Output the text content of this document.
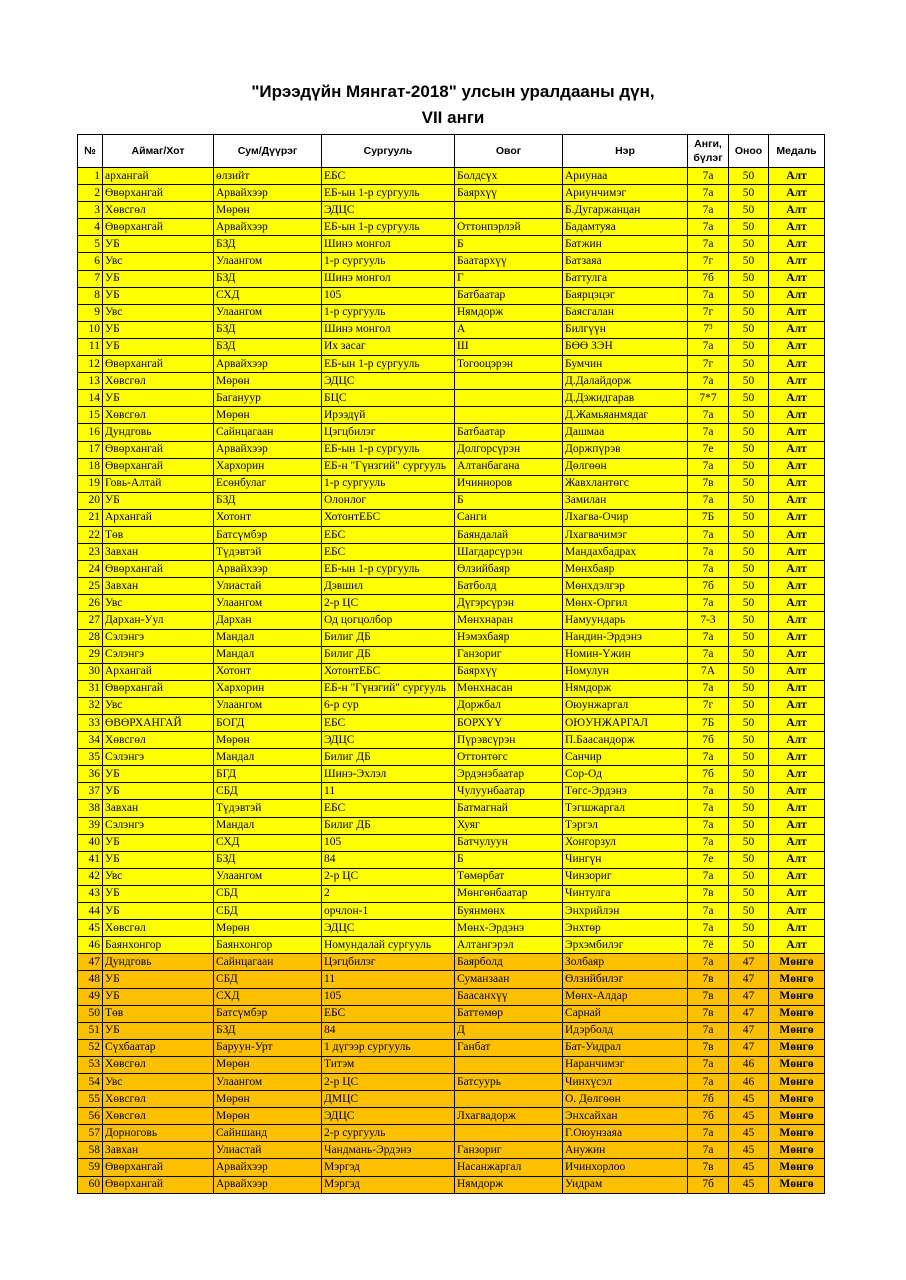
"Ирээдүйн Мянгат-2018" улсын уралдааны дүн,
VII анги
№	Аймаг/Хот	Сум/Дүүрэг	Сургууль	Овог	Нэр	Анги, бүлэг	Оноо	Медаль
1	архангай	өлзийт	ЕБС	Болдсүх	Ариунаа	7а	50	Алт
2	Өвөрхангай	Арвайхээр	ЕБ-ын 1-р сургууль	Баярхүү	Ариунчимэг	7а	50	Алт
3	Хөвсгөл	Мөрөн	ЭДЦС		Б.Дугаржанцан	7а	50	Алт
4	Өвөрхангай	Арвайхээр	ЕБ-ын 1-р сургууль	Оттонпэрлэй	Бадамтуяа	7а	50	Алт
5	УБ	БЗД	Шинэ монгол	Б	Батжин	7а	50	Алт
6	Увс	Улаангом	1-р сургууль	Баатархүү	Батзаяа	7г	50	Алт
7	УБ	БЗД	Шинэ монгол	Г	Баттулга	7б	50	Алт
8	УБ	СХД	105	Батбаатар	Баярцэцэг	7а	50	Алт
9	Увс	Улаангом	1-р сургууль	Нямдорж	Баясгалан	7г	50	Алт
10	УБ	БЗД	Шинэ монгол	А	Билгүүн	7³	50	Алт
11	УБ	БЗД	Их засаг	Ш	БӨӨ ЗЭН	7а	50	Алт
12	Өвөрхангай	Арвайхээр	ЕБ-ын 1-р сургууль	Тогооцэрэн	Бумчин	7г	50	Алт
13	Хөвсгөл	Мөрөн	ЭДЦС		Д.Далайдорж	7а	50	Алт
14	УБ	Багануур	БЦС		Д.Дэжидгарав	7*7	50	Алт
15	Хөвсгөл	Мөрөн	Ирээдүй		Д.Жамьяанмядаг	7а	50	Алт
16	Дундговь	Сайнцагаан	Цэгцбилэг	Батбаатар	Дашмаа	7а	50	Алт
17	Өвөрхангай	Арвайхээр	ЕБ-ын 1-р сургууль	Долгорсүрэн	Доржпүрэв	7е	50	Алт
18	Өвөрхангай	Хархорин	ЕБ-н "Гүнзгий" сургууль	Алтанбагана	Дөлгөөн	7а	50	Алт
19	Говь-Алтай	Есөнбулаг	1-р сургууль	Ичинноров	Жавхлантөгс	7в	50	Алт
20	УБ	БЗД	Олонлог	Б	Замилан	7а	50	Алт
21	Архангай	Хотонт	ХотонтЕБС	Санги	Лхагва-Очир	7Б	50	Алт
22	Төв	Батсүмбэр	ЕБС	Баяндалай	Лхагвачимэг	7а	50	Алт
23	Завхан	Түдэвтэй	ЕБС	Шагдарсүрэн	Мандахбадрах	7а	50	Алт
24	Өвөрхангай	Арвайхээр	ЕБ-ын 1-р сургууль	Өлзийбаяр	Мөнхбаяр	7а	50	Алт
25	Завхан	Улиастай	Дэвшил	Батболд	Мөнхдэлгэр	7б	50	Алт
26	Увс	Улаангом	2-р ЦС	Дүгэрсүрэн	Мөнх-Оргил	7а	50	Алт
27	Дархан-Уул	Дархан	Од цогцолбор	Мөнхнаран	Намуундарь	7-3	50	Алт
28	Сэлэнгэ	Мандал	Билиг ДБ	Нэмэхбаяр	Нандин-Эрдэнэ	7а	50	Алт
29	Сэлэнгэ	Мандал	Билиг ДБ	Ганзориг	Номин-Үжин	7а	50	Алт
30	Архангай	Хотонт	ХотонтЕБС	Баярхүү	Номулун	7А	50	Алт
31	Өвөрхангай	Хархорин	ЕБ-н "Гүнзгий" сургууль	Мөнхнасан	Нямдорж	7а	50	Алт
32	Увс	Улаангом	6-р сур	Доржбал	Оюунжаргал	7г	50	Алт
33	ӨВӨРХАНГАЙ	БОГД	ЕБС	БОРХҮҮ	ОЮУНЖАРГАЛ	7Б	50	Алт
34	Хөвсгөл	Мөрөн	ЭДЦС	Пүрэвсүрэн	П.Баасандорж	7б	50	Алт
35	Сэлэнгэ	Мандал	Билиг ДБ	Оттонтөгс	Санчир	7а	50	Алт
36	УБ	БГД	Шинэ-Эхлэл	Эрдэнэбаатар	Сор-Од	7б	50	Алт
37	УБ	СБД	11	Чулуунбаатар	Төгс-Эрдэнэ	7а	50	Алт
38	Завхан	Түдэвтэй	ЕБС	Батмагнай	Тэгшжаргал	7а	50	Алт
39	Сэлэнгэ	Мандал	Билиг ДБ	Хуяг	Тэргэл	7а	50	Алт
40	УБ	СХД	105	Батчулуун	Хонгорзул	7а	50	Алт
41	УБ	БЗД	84	Б	Чингүн	7е	50	Алт
42	Увс	Улаангом	2-р ЦС	Төмөрбат	Чинзориг	7а	50	Алт
43	УБ	СБД	2	Мөнгөнбаатар	Чинтулга	7в	50	Алт
44	УБ	СБД	орчлон-1	Буянмөнх	Энхрийлэн	7а	50	Алт
45	Хөвсгөл	Мөрөн	ЭДЦС	Мөнх-Эрдэнэ	Энхтөр	7а	50	Алт
46	Баянхонгор	Баянхонгор	Номундалай сургууль	Алтангэрэл	Эрхэмбилэг	7ё	50	Алт
47	Дундговь	Сайнцагаан	Цэгцбилэг	Баярболд	Золбаяр	7а	47	Мөнгө
48	УБ	СБД	11	Суманзаан	Өлзийбилэг	7в	47	Мөнгө
49	УБ	СХД	105	Баасанхүү	Мөнх-Алдар	7в	47	Мөнгө
50	Төв	Батсүмбэр	ЕБС	Баттөмөр	Сарнай	7в	47	Мөнгө
51	УБ	БЗД	84	Д	Идэрболд	7а	47	Мөнгө
52	Сүхбаатар	Баруун-Урт	1 дүгээр сургууль	Ганбат	Бат-Уидрал	7в	47	Мөнгө
53	Хөвсгөл	Мөрөн	Титэм		Наранчимэг	7а	46	Мөнгө
54	Увс	Улаангом	2-р ЦС	Батсуурь	Чинхүсэл	7а	46	Мөнгө
55	Хөвсгөл	Мөрөн	ДМЦС		О. Дөлгөөн	7б	45	Мөнгө
56	Хөвсгөл	Мөрөн	ЭДЦС	Лхагвадорж	Энхсайхан	7б	45	Мөнгө
57	Дорноговь	Сайншанд	2-р сургууль		Г.Оюунзаяа	7а	45	Мөнгө
58	Завхан	Улиастай	Чандмань-Эрдэнэ	Ганзориг	Анужин	7а	45	Мөнгө
59	Өвөрхангай	Арвайхээр	Мэргэд	Насанжаргал	Ичинхорлоо	7в	45	Мөнгө
60	Өвөрхангай	Арвайхээр	Мэргэд	Нямдорж	Уидрам	7б	45	Мөнгө
